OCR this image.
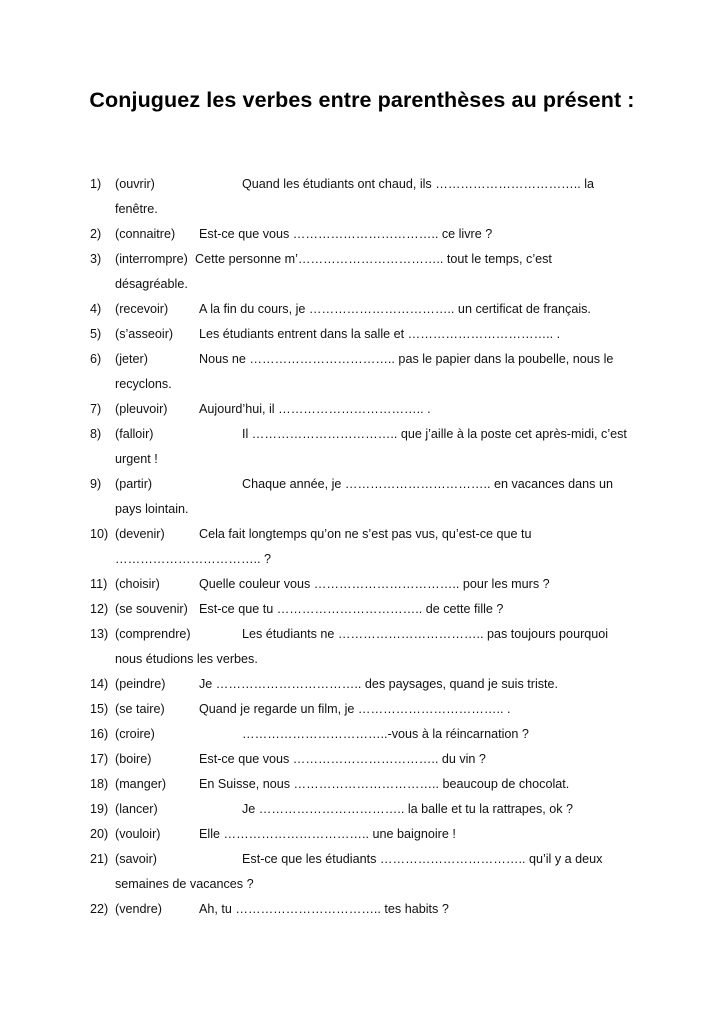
Conjuguez les verbes entre parenthèses au présent :
1) (ouvrir)	Quand les étudiants ont chaud, ils …………………………….. la
fenêtre.
2) (connaitre) Est-ce que vous …………………………….. ce livre ?
3) (interrompre) Cette personne m’…………………………….. tout le temps, c’est
désagréable.
4) (recevoir) A la fin du cours, je …………………………….. un certificat de français.
5) (s’asseoir) Les étudiants entrent dans la salle et …………………………….. .
6) (jeter)	Nous ne …………………………….. pas le papier dans la poubelle, nous le
recyclons.
7) (pleuvoir)	Aujourd’hui, il …………………………….. .
8) (falloir)	Il …………………………….. que j’aille à la poste cet après-midi, c’est
urgent !
9) (partir)	Chaque année, je …………………………….. en vacances dans un
pays lointain.
10) (devenir)	Cela fait longtemps qu’on ne s’est pas vus, qu’est-ce que tu
…………………………….. ?
11) (choisir)	Quelle couleur vous …………………………….. pour les murs ?
12) (se souvenir) Est-ce que tu …………………………….. de cette fille ?
13) (comprendre)	Les étudiants ne …………………………….. pas toujours pourquoi
nous étudions les verbes.
14) (peindre)	Je …………………………….. des paysages, quand je suis triste.
15) (se taire)	Quand je regarde un film, je …………………………….. .
16) (croire)	……………………………..-vous à la réincarnation ?
17) (boire)	Est-ce que vous …………………………….. du vin ?
18) (manger)	En Suisse, nous …………………………….. beaucoup de chocolat.
19) (lancer)	Je …………………………….. la balle et tu la rattrapes, ok ?
20) (vouloir)	Elle …………………………….. une baignoire !
21) (savoir)	Est-ce que les étudiants …………………………….. qu’il y a deux
semaines de vacances ?
22) (vendre)	Ah, tu …………………………….. tes habits ?
